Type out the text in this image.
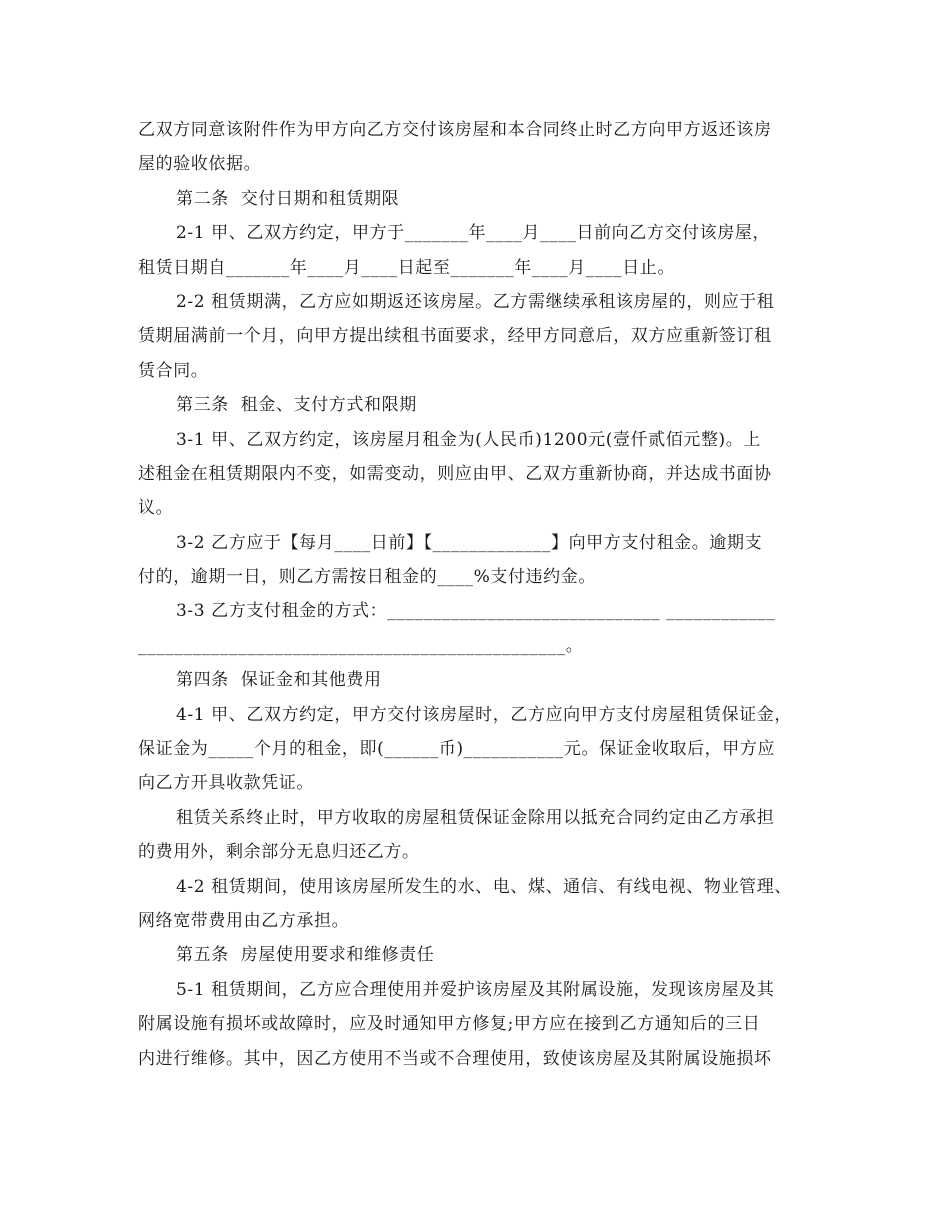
乙双方同意该附件作为甲方向乙方交付该房屋和本合同终止时乙方向甲方返还该房
屋的验收依据。
第二条  交付日期和租赁期限
2-1 甲、乙双方约定，甲方于_______年____月____日前向乙方交付该房屋，
租赁日期自_______年____月____日起至_______年____月____日止。
2-2 租赁期满，乙方应如期返还该房屋。乙方需继续承租该房屋的，则应于租
赁期届满前一个月，向甲方提出续租书面要求，经甲方同意后，双方应重新签订租
赁合同。
第三条  租金、支付方式和限期
3-1 甲、乙双方约定，该房屋月租金为(人民币)1200元(壹仟贰佰元整)。上
述租金在租赁期限内不变，如需变动，则应由甲、乙双方重新协商，并达成书面协
议。
3-2 乙方应于【每月____日前】【_____________】向甲方支付租金。逾期支
付的，逾期一日，则乙方需按日租金的____%支付违约金。
3-3 乙方支付租金的方式：______________________________ ____________
_______________________________________________。
第四条  保证金和其他费用
4-1 甲、乙双方约定，甲方交付该房屋时，乙方应向甲方支付房屋租赁保证金，
保证金为_____个月的租金，即(______币)___________元。保证金收取后，甲方应
向乙方开具收款凭证。
租赁关系终止时，甲方收取的房屋租赁保证金除用以抵充合同约定由乙方承担
的费用外，剩余部分无息归还乙方。
4-2 租赁期间，使用该房屋所发生的水、电、煤、通信、有线电视、物业管理、
网络宽带费用由乙方承担。
第五条  房屋使用要求和维修责任
5-1 租赁期间，乙方应合理使用并爱护该房屋及其附属设施，发现该房屋及其
附属设施有损坏或故障时，应及时通知甲方修复;甲方应在接到乙方通知后的三日
内进行维修。其中，因乙方使用不当或不合理使用，致使该房屋及其附属设施损坏
